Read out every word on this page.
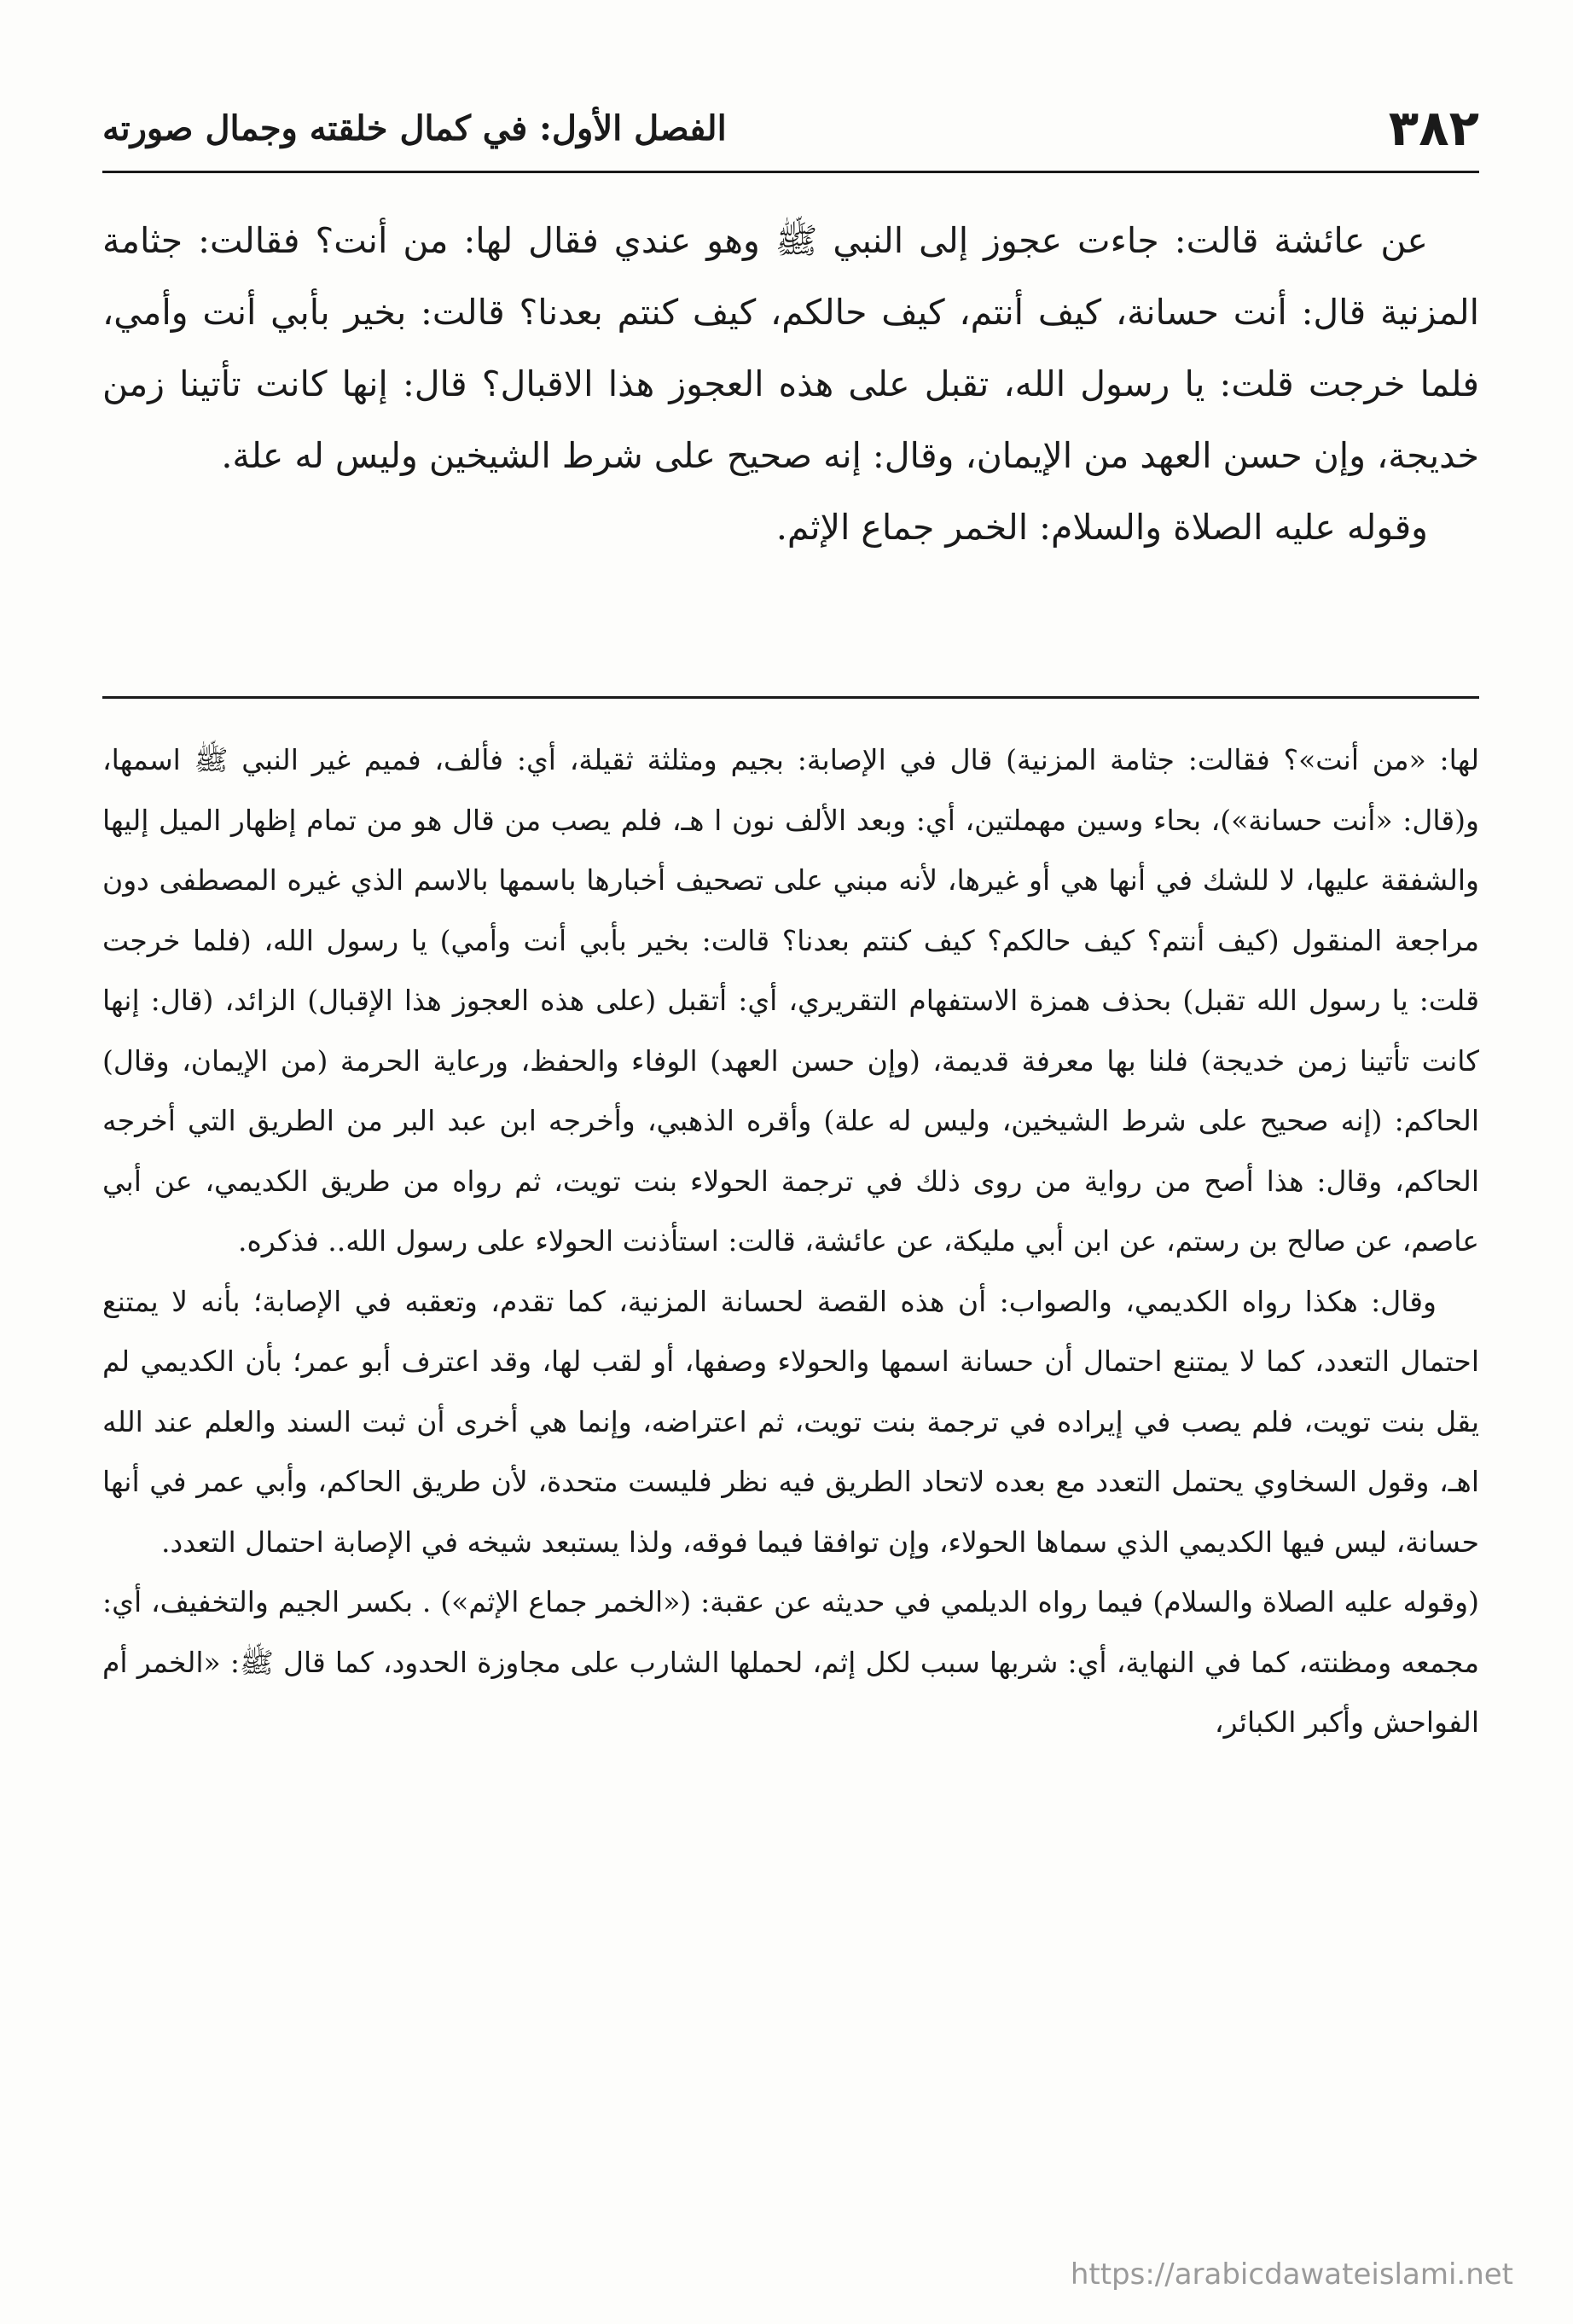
٣٨٢
الفصل الأول: في كمال خلقته وجمال صورته

عن عائشة قالت: جاءت عجوز إلى النبي ﷺ وهو عندي فقال لها: من أنت؟ فقالت: جثامة المزنية قال: أنت حسانة، كيف أنتم، كيف حالكم، كيف كنتم بعدنا؟ قالت: بخير بأبي أنت وأمي، فلما خرجت قلت: يا رسول الله، تقبل على هذه العجوز هذا الاقبال؟ قال: إنها كانت تأتينا زمن خديجة، وإن حسن العهد من الإيمان، وقال: إنه صحيح على شرط الشيخين وليس له علة.

وقوله عليه الصلاة والسلام: الخمر جماع الإثم.

لها: «من أنت»؟ فقالت: جثامة المزنية) قال في الإصابة: بجيم ومثلثة ثقيلة، أي: فألف، فميم غير النبي ﷺ اسمها، و(قال: «أنت حسانة»)، بحاء وسين مهملتين، أي: وبعد الألف نون ا هـ، فلم يصب من قال هو من تمام إظهار الميل إليها والشفقة عليها، لا للشك في أنها هي أو غيرها، لأنه مبني على تصحيف أخبارها باسمها بالاسم الذي غيره المصطفى دون مراجعة المنقول (كيف أنتم؟ كيف حالكم؟ كيف كنتم بعدنا؟ قالت: بخير بأبي أنت وأمي) يا رسول الله، (فلما خرجت قلت: يا رسول الله تقبل) بحذف همزة الاستفهام التقريري، أي: أتقبل (على هذه العجوز هذا الإقبال) الزائد، (قال: إنها كانت تأتينا زمن خديجة) فلنا بها معرفة قديمة، (وإن حسن العهد) الوفاء والحفظ، ورعاية الحرمة (من الإيمان، وقال) الحاكم: (إنه صحيح على شرط الشيخين، وليس له علة) وأقره الذهبي، وأخرجه ابن عبد البر من الطريق التي أخرجه الحاكم، وقال: هذا أصح من رواية من روى ذلك في ترجمة الحولاء بنت تويت، ثم رواه من طريق الكديمي، عن أبي عاصم، عن صالح بن رستم، عن ابن أبي مليكة، عن عائشة، قالت: استأذنت الحولاء على رسول الله.. فذكره.

وقال: هكذا رواه الكديمي، والصواب: أن هذه القصة لحسانة المزنية، كما تقدم، وتعقبه في الإصابة؛ بأنه لا يمتنع احتمال التعدد، كما لا يمتنع احتمال أن حسانة اسمها والحولاء وصفها، أو لقب لها، وقد اعترف أبو عمر؛ بأن الكديمي لم يقل بنت تويت، فلم يصب في إيراده في ترجمة بنت تويت، ثم اعتراضه، وإنما هي أخرى أن ثبت السند والعلم عند الله اهـ، وقول السخاوي يحتمل التعدد مع بعده لاتحاد الطريق فيه نظر فليست متحدة، لأن طريق الحاكم، وأبي عمر في أنها حسانة، ليس فيها الكديمي الذي سماها الحولاء، وإن توافقا فيما فوقه، ولذا يستبعد شيخه في الإصابة احتمال التعدد.

(وقوله عليه الصلاة والسلام) فيما رواه الديلمي في حديثه عن عقبة: («الخمر جماع الإثم») . بكسر الجيم والتخفيف، أي: مجمعه ومظنته، كما في النهاية، أي: شربها سبب لكل إثم، لحملها الشارب على مجاوزة الحدود، كما قال ﷺ: «الخمر أم الفواحش وأكبر الكبائر،

https://arabicdawateislami.net
